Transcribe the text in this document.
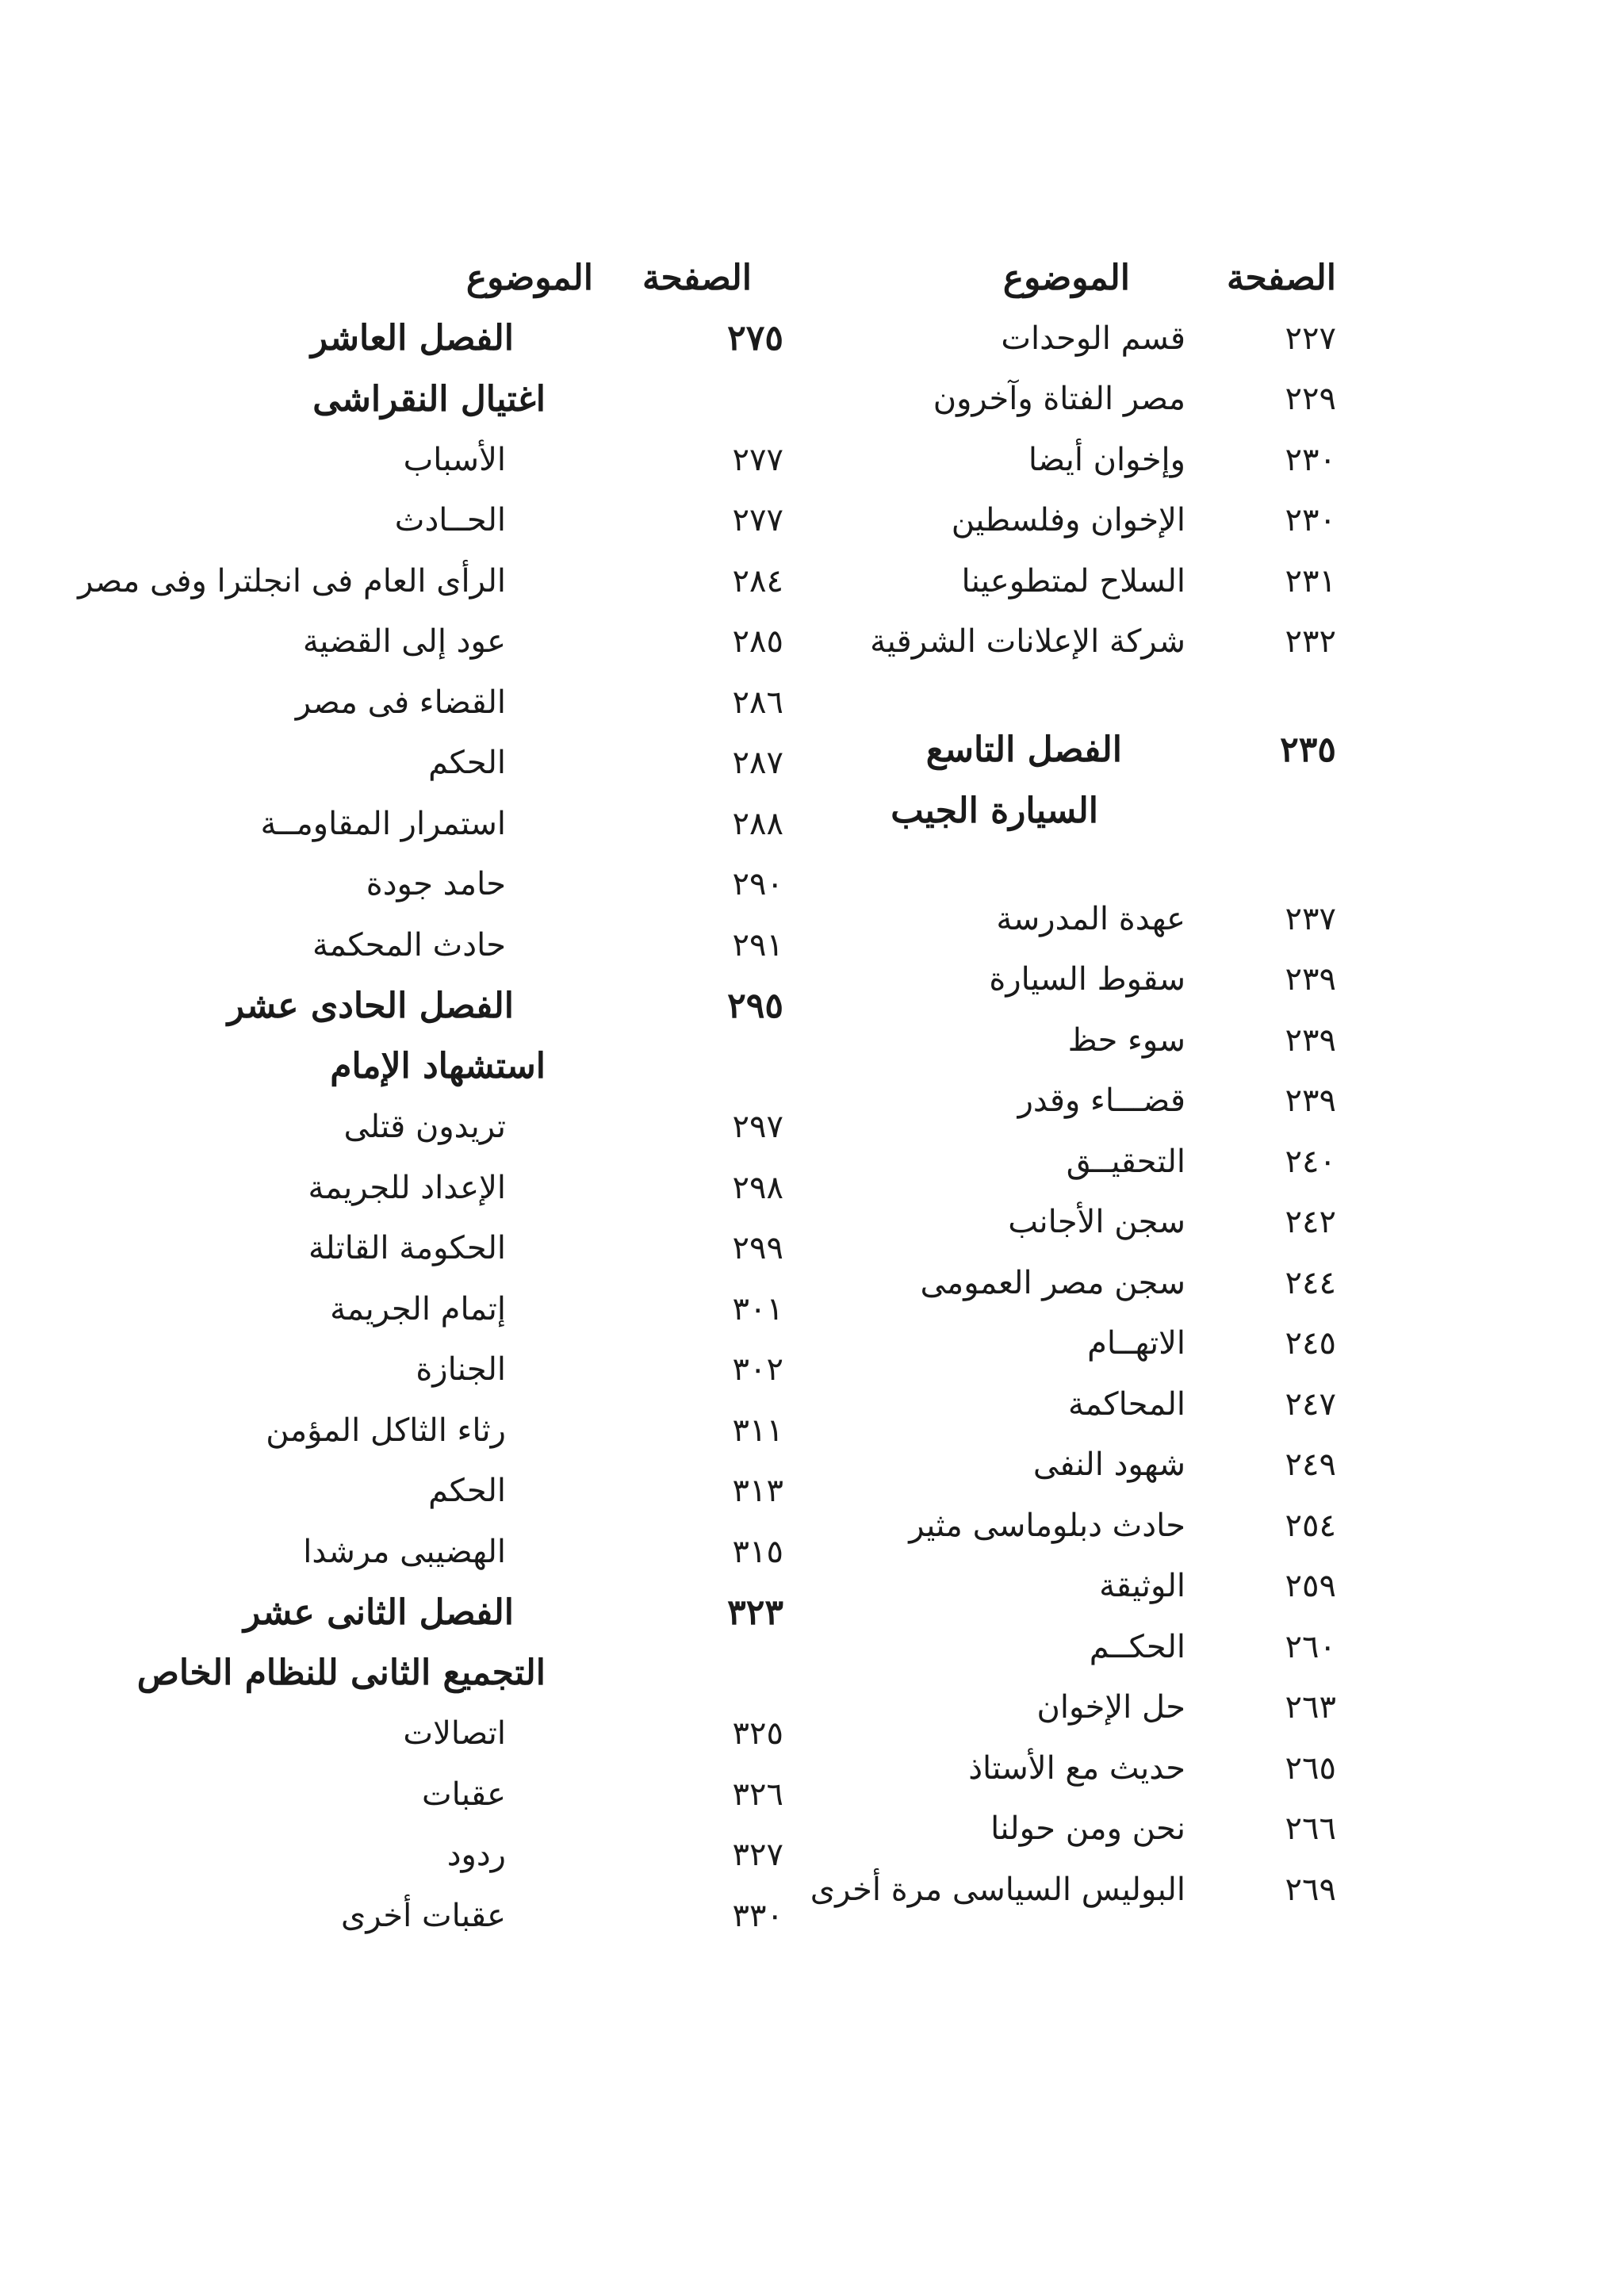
الصفحة
الموضوع
٢٢٧
قسم الوحدات
٢٢٩
مصر الفتاة وآخرون
٢٣٠
وإخوان أيضا
٢٣٠
الإخوان وفلسطين
٢٣١
السلاح لمتطوعينا
٢٣٢
شركة الإعلانات الشرقية
٢٣٥
الفصل التاسع
السيارة الجيب
٢٣٧
عهدة المدرسة
٢٣٩
سقوط السيارة
٢٣٩
سوء حظ
٢٣٩
قضـــاء وقدر
٢٤٠
التحقيــق
٢٤٢
سجن الأجانب
٢٤٤
سجن مصر العمومى
٢٤٥
الاتهــام
٢٤٧
المحاكمة
٢٤٩
شهود النفى
٢٥٤
حادث دبلوماسى مثير
٢٥٩
الوثيقة
٢٦٠
الحكــم
٢٦٣
حل الإخوان
٢٦٥
حديث مع الأستاذ
٢٦٦
نحن ومن حولنا
٢٦٩
البوليس السياسى مرة أخرى
الصفحة
الموضوع
٢٧٥
الفصل العاشر
اغتيال النقراشى
٢٧٧
الأسباب
٢٧٧
الحــادث
٢٨٤
الرأى العام فى انجلترا وفى مصر
٢٨٥
عود إلى القضية
٢٨٦
القضاء فى مصر
٢٨٧
الحكم
٢٨٨
استمرار المقاومــة
٢٩٠
حامد جودة
٢٩١
حادث المحكمة
٢٩٥
الفصل الحادى عشر
استشهاد الإمام
٢٩٧
تريدون قتلى
٢٩٨
الإعداد للجريمة
٢٩٩
الحكومة القاتلة
٣٠١
إتمام الجريمة
٣٠٢
الجنازة
٣١١
رثاء الثاكل المؤمن
٣١٣
الحكم
٣١٥
الهضيبى مرشدا
٣٢٣
الفصل الثانى عشر
التجميع الثانى للنظام الخاص
٣٢٥
اتصالات
٣٢٦
عقبات
٣٢٧
ردود
٣٣٠
عقبات أخرى
